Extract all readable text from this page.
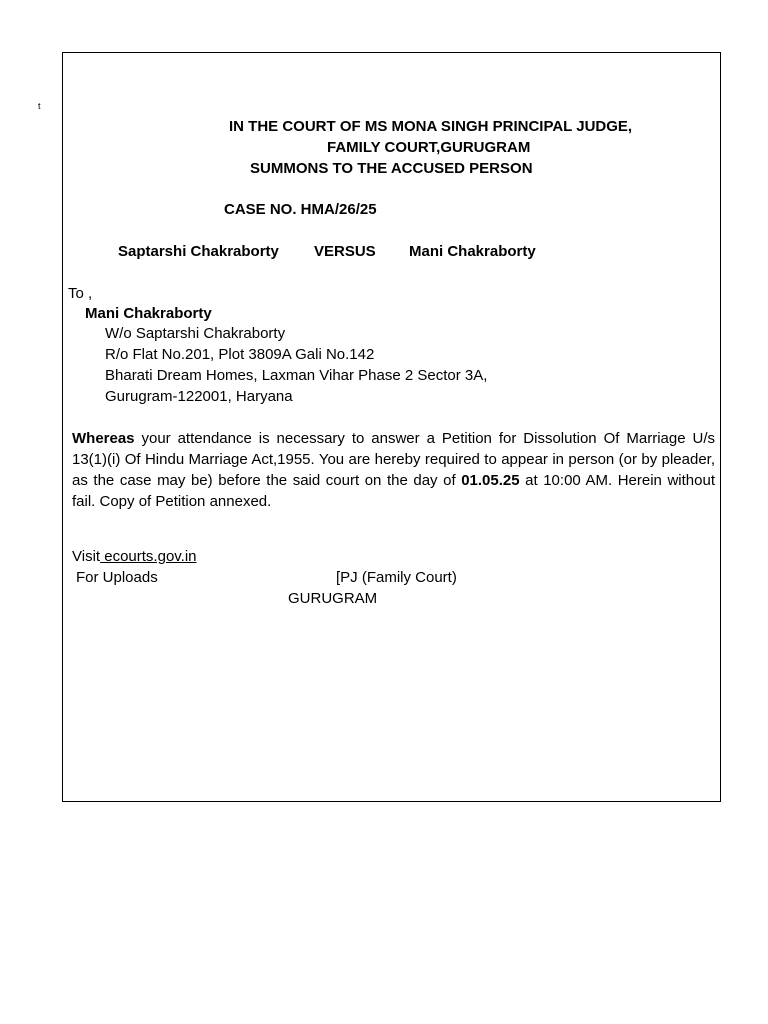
t
IN THE COURT OF MS MONA SINGH PRINCIPAL JUDGE,
FAMILY COURT,GURUGRAM
SUMMONS TO THE ACCUSED PERSON
CASE NO. HMA/26/25
Saptarshi Chakraborty VERSUS Mani Chakraborty
To ,
Mani Chakraborty
W/o Saptarshi Chakraborty
R/o Flat No.201, Plot 3809A Gali No.142
Bharati Dream Homes, Laxman Vihar Phase 2 Sector 3A,
Gurugram-122001, Haryana
Whereas your attendance is necessary to answer a Petition for Dissolution Of Marriage U/s 13(1)(i) Of Hindu Marriage Act,1955. You are hereby required to appear in person (or by pleader, as the case may be) before the said court on the day of 01.05.25 at 10:00 AM. Herein without fail. Copy of Petition annexed.
Visit ecourts.gov.in
For Uploads	[PJ (Family Court)
GURUGRAM
